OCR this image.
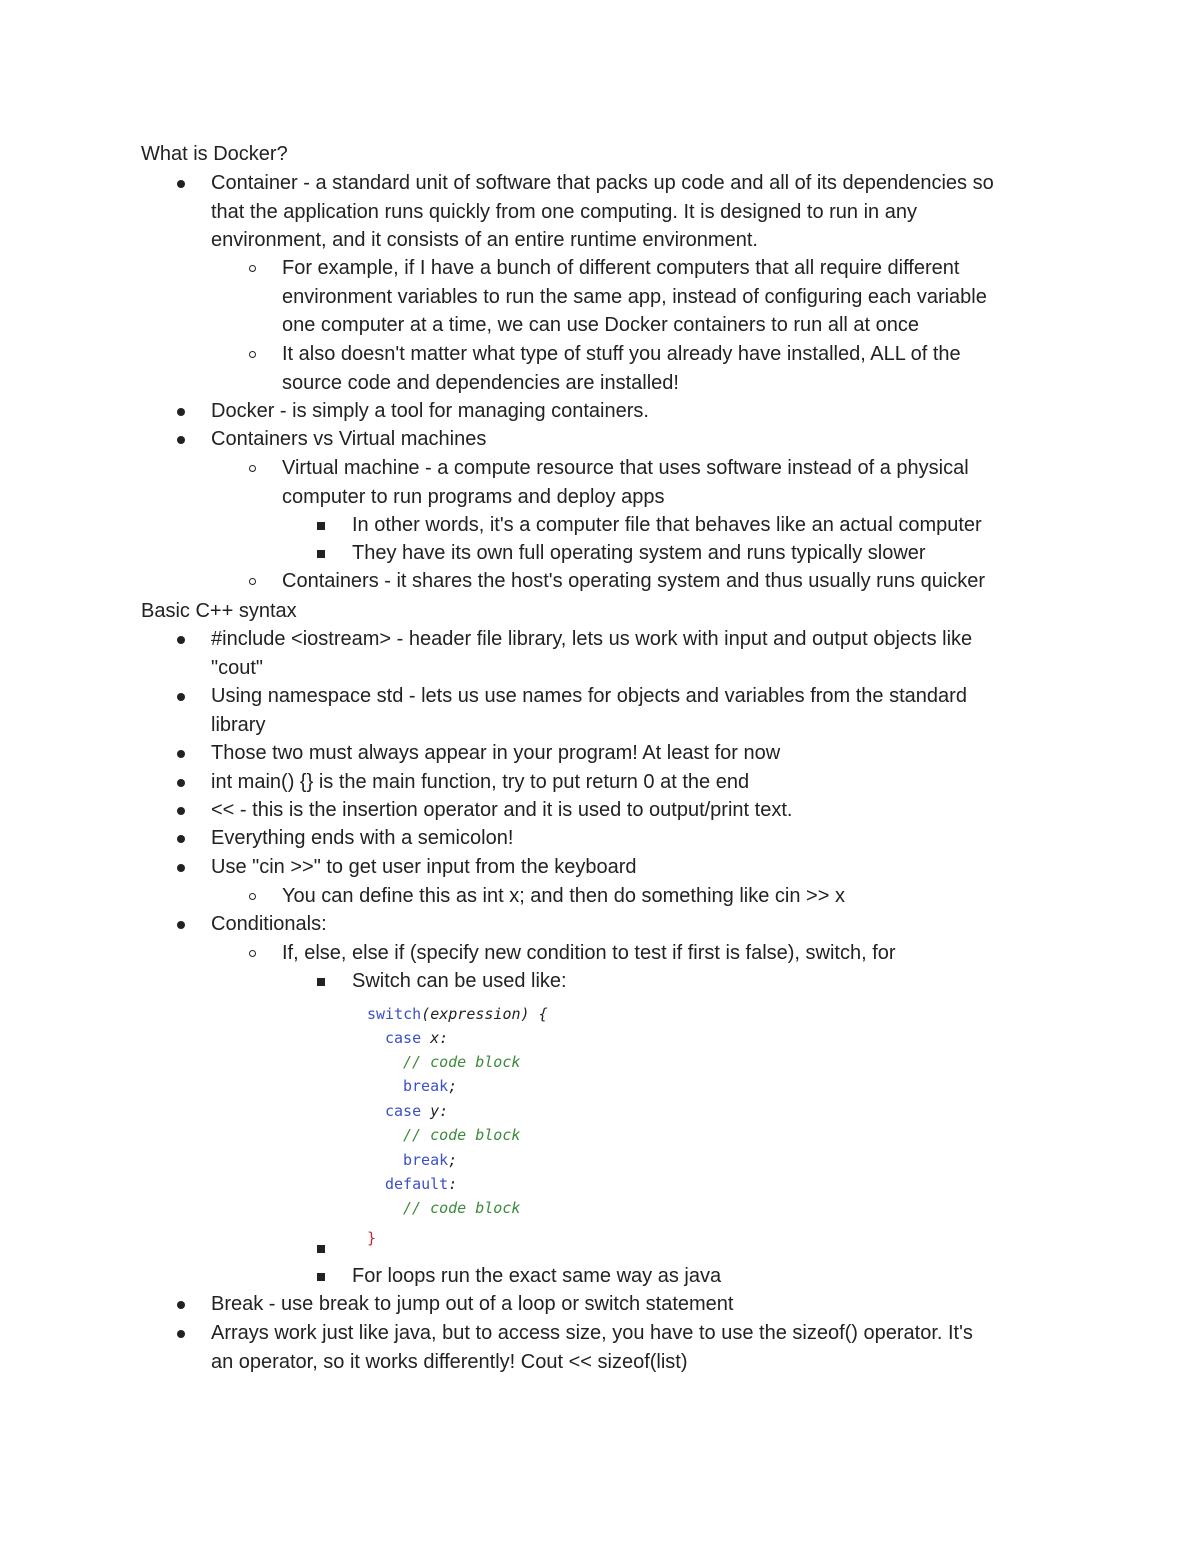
What is Docker?
Container - a standard unit of software that packs up code and all of its dependencies so
that the application runs quickly from one computing. It is designed to run in any
environment, and it consists of an entire runtime environment.
For example, if I have a bunch of different computers that all require different
environment variables to run the same app, instead of configuring each variable
one computer at a time, we can use Docker containers to run all at once
It also doesn't matter what type of stuff you already have installed, ALL of the
source code and dependencies are installed!
Docker - is simply a tool for managing containers.
Containers vs Virtual machines
Virtual machine - a compute resource that uses software instead of a physical
computer to run programs and deploy apps
In other words, it's a computer file that behaves like an actual computer
They have its own full operating system and runs typically slower
Containers - it shares the host's operating system and thus usually runs quicker
Basic C++ syntax
#include <iostream> - header file library, lets us work with input and output objects like
"cout"
Using namespace std - lets us use names for objects and variables from the standard
library
Those two must always appear in your program! At least for now
int main() {} is the main function, try to put return 0 at the end
<< - this is the insertion operator and it is used to output/print text.
Everything ends with a semicolon!
Use "cin >>" to get user input from the keyboard
You can define this as int x; and then do something like cin >> x
Conditionals:
If, else, else if (specify new condition to test if first is false), switch, for
Switch can be used like:
switch(expression) {
case x:
// code block
break;
case y:
// code block
break;
default:
// code block
}
For loops run the exact same way as java
Break - use break to jump out of a loop or switch statement
Arrays work just like java, but to access size, you have to use the sizeof() operator. It's
an operator, so it works differently! Cout << sizeof(list)
